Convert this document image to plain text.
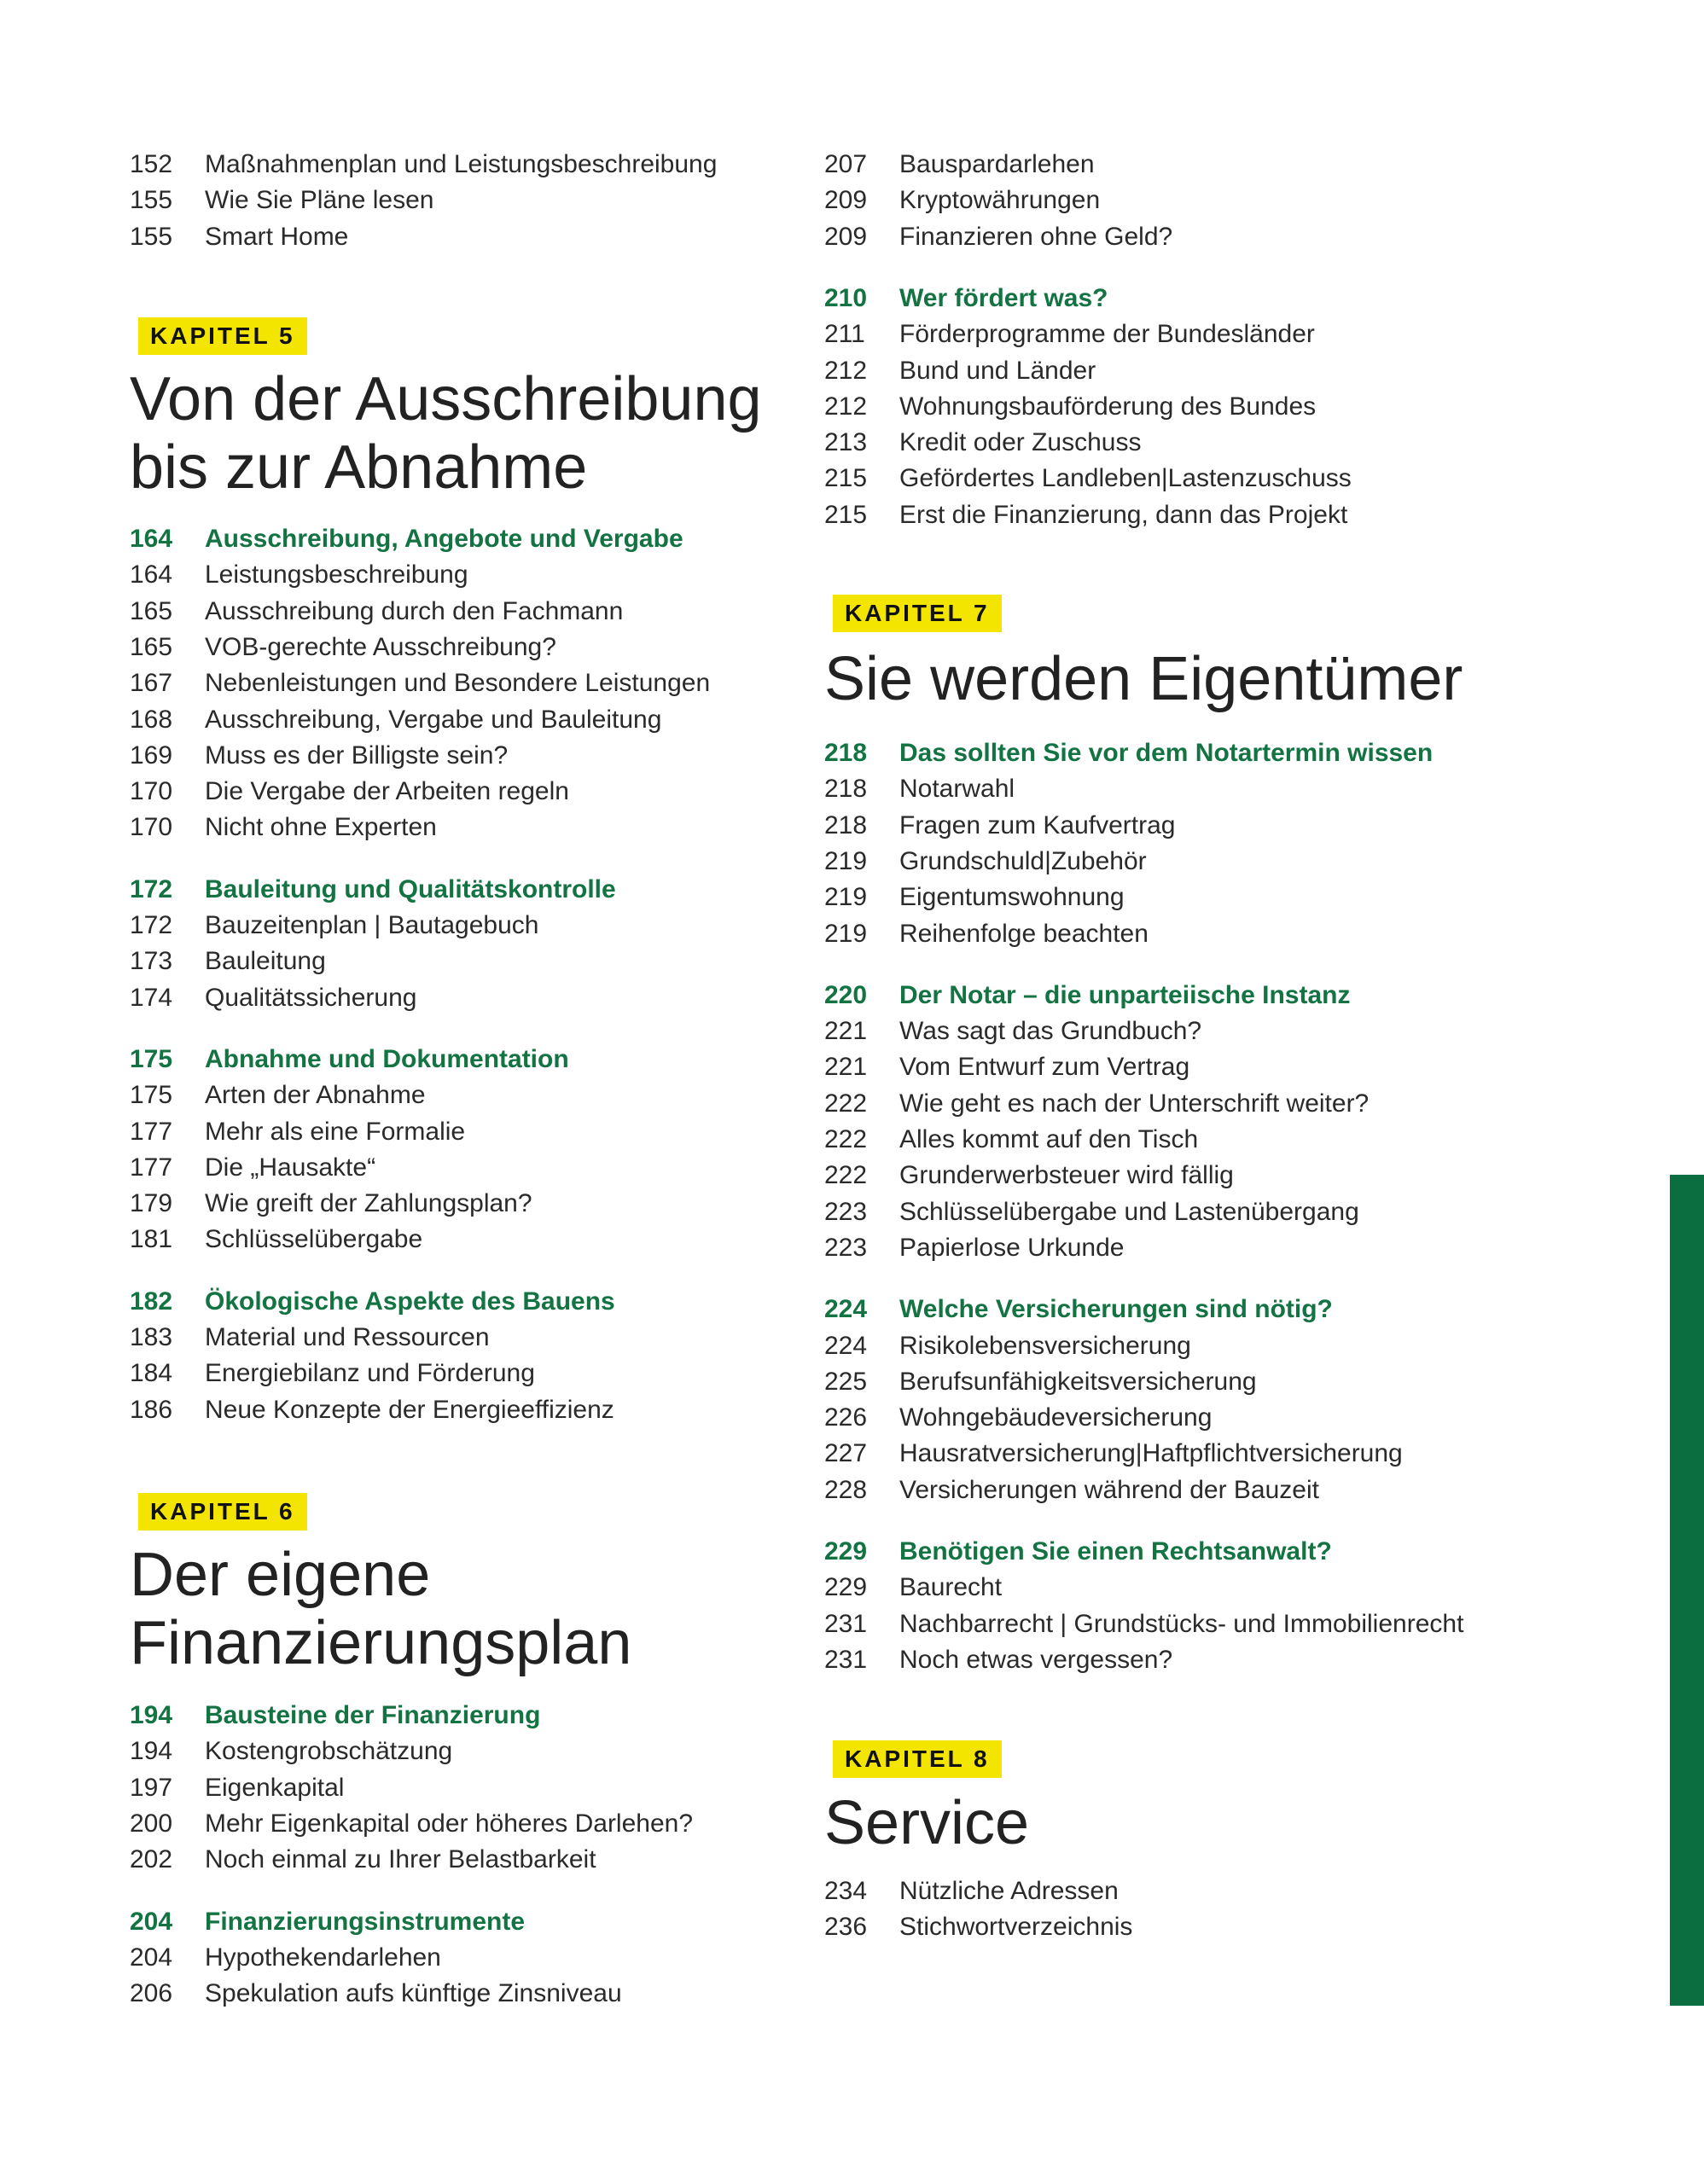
152	Maßnahmenplan und Leistungsbeschreibung
155	Wie Sie Pläne lesen
155	Smart Home
KAPITEL 5
Von der Ausschreibung
bis zur Abnahme
164	Ausschreibung, Angebote und Vergabe
164	Leistungsbeschreibung
165	Ausschreibung durch den Fachmann
165	VOB-gerechte Ausschreibung?
167	Nebenleistungen und Besondere Leistungen
168	Ausschreibung, Vergabe und Bauleitung
169	Muss es der Billigste sein?
170	Die Vergabe der Arbeiten regeln
170	Nicht ohne Experten
172	Bauleitung und Qualitätskontrolle
172	Bauzeitenplan | Bautagebuch
173	Bauleitung
174	Qualitätssicherung
175	Abnahme und Dokumentation
175	Arten der Abnahme
177	Mehr als eine Formalie
177	Die „Hausakte“
179	Wie greift der Zahlungsplan?
181	Schlüsselübergabe
182	Ökologische Aspekte des Bauens
183	Material und Ressourcen
184	Energiebilanz und Förderung
186	Neue Konzepte der Energieeffizienz
KAPITEL 6
Der eigene
Finanzierungsplan
194	Bausteine der Finanzierung
194	Kostengrobschätzung
197	Eigenkapital
200	Mehr Eigenkapital oder höheres Darlehen?
202	Noch einmal zu Ihrer Belastbarkeit
204	Finanzierungsinstrumente
204	Hypothekendarlehen
206	Spekulation aufs künftige Zinsniveau
207	Bauspardarlehen
209	Kryptowährungen
209	Finanzieren ohne Geld?
210	Wer fördert was?
211	Förderprogramme der Bundesländer
212	Bund und Länder
212	Wohnungsbauförderung des Bundes
213	Kredit oder Zuschuss
215	Gefördertes Landleben|Lastenzuschuss
215	Erst die Finanzierung, dann das Projekt
KAPITEL 7
Sie werden Eigentümer
218	Das sollten Sie vor dem Notartermin wissen
218	Notarwahl
218	Fragen zum Kaufvertrag
219	Grundschuld|Zubehör
219	Eigentumswohnung
219	Reihenfolge beachten
220	Der Notar – die unparteiische Instanz
221	Was sagt das Grundbuch?
221	Vom Entwurf zum Vertrag
222	Wie geht es nach der Unterschrift weiter?
222	Alles kommt auf den Tisch
222	Grunderwerbsteuer wird fällig
223	Schlüsselübergabe und Lastenübergang
223	Papierlose Urkunde
224	Welche Versicherungen sind nötig?
224	Risikolebensversicherung
225	Berufsunfähigkeitsversicherung
226	Wohngebäudeversicherung
227	Hausratversicherung|Haftpflichtversicherung
228	Versicherungen während der Bauzeit
229	Benötigen Sie einen Rechtsanwalt?
229	Baurecht
231	Nachbarrecht | Grundstücks- und Immobilienrecht
231	Noch etwas vergessen?
KAPITEL 8
Service
234	Nützliche Adressen
236	Stichwortverzeichnis
